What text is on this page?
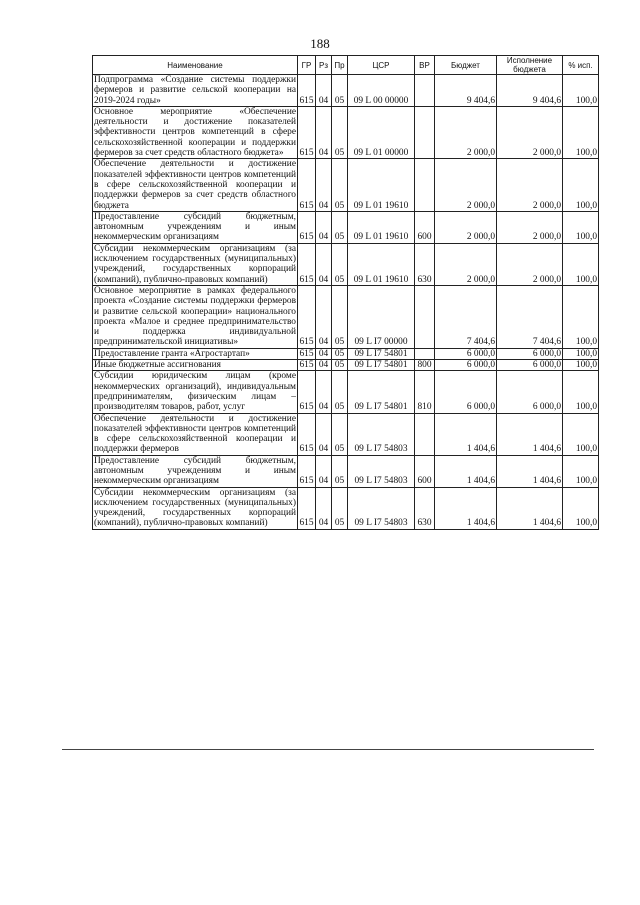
188
Наименование	ГР	Рз	Пр	ЦСР	ВР	Бюджет	Исполнение бюджета	% исп.
Подпрограмма «Создание системы поддержки фермеров и развитие сельской кооперации на 2019-2024 годы»	615	04	05	09 L 00 00000		9 404,6	9 404,6	100,0
Основное мероприятие «Обеспечение деятельности и достижение показателей эффективности центров компетенций в сфере сельскохозяйственной кооперации и поддержки фермеров за счет средств областного бюджета»	615	04	05	09 L 01 00000		2 000,0	2 000,0	100,0
Обеспечение деятельности и достижение показателей эффективности центров компетенций в сфере сельскохозяйственной кооперации и поддержки фермеров за счет средств областного бюджета	615	04	05	09 L 01 19610		2 000,0	2 000,0	100,0
Предоставление субсидий бюджетным, автономным учреждениям и иным некоммерческим организациям	615	04	05	09 L 01 19610	600	2 000,0	2 000,0	100,0
Субсидии некоммерческим организациям (за исключением государственных (муниципальных) учреждений, государственных корпораций (компаний), публично-правовых компаний)	615	04	05	09 L 01 19610	630	2 000,0	2 000,0	100,0
Основное мероприятие в рамках федерального проекта «Создание системы поддержки фермеров и развитие сельской кооперации» национального проекта «Малое и среднее предпринимательство и поддержка индивидуальной предпринимательской инициативы»	615	04	05	09 L I7 00000		7 404,6	7 404,6	100,0
Предоставление гранта «Агростартап»	615	04	05	09 L I7 54801		6 000,0	6 000,0	100,0
Иные бюджетные ассигнования	615	04	05	09 L I7 54801	800	6 000,0	6 000,0	100,0
Субсидии юридическим лицам (кроме некоммерческих организаций), индивидуальным предпринимателям, физическим лицам – производителям товаров, работ, услуг	615	04	05	09 L I7 54801	810	6 000,0	6 000,0	100,0
Обеспечение деятельности и достижение показателей эффективности центров компетенций в сфере сельскохозяйственной кооперации и поддержки фермеров	615	04	05	09 L I7 54803		1 404,6	1 404,6	100,0
Предоставление субсидий бюджетным, автономным учреждениям и иным некоммерческим организациям	615	04	05	09 L I7 54803	600	1 404,6	1 404,6	100,0
Субсидии некоммерческим организациям (за исключением государственных (муниципальных) учреждений, государственных корпораций (компаний), публично-правовых компаний)	615	04	05	09 L I7 54803	630	1 404,6	1 404,6	100,0
